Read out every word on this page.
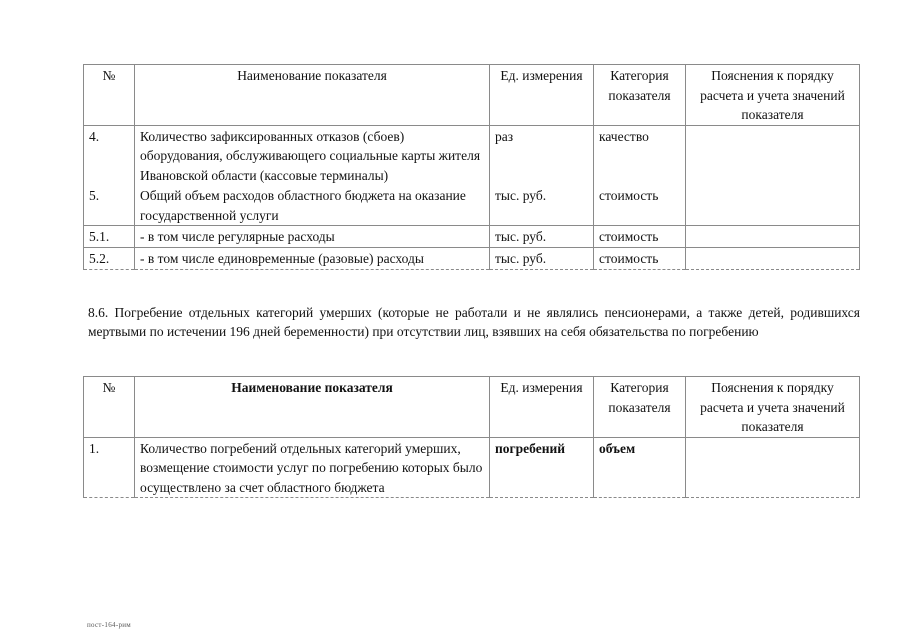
№	Наименование показателя	Ед. измерения	Категория показателя	Пояснения к порядку расчета и учета значений показателя
4.	Количество зафиксированных отказов (сбоев) оборудования, обслуживающего социальные карты жителя Ивановской области (кассовые терминалы)	раз	качество	
5.	Общий объем расходов областного бюджета на оказание государственной услуги	тыс. руб.	стоимость	
5.1.	- в том числе регулярные расходы	тыс. руб.	стоимость	
5.2.	- в том числе единовременные (разовые) расходы	тыс. руб.	стоимость	

8.6. Погребение отдельных категорий умерших (которые не работали и не являлись пенсионерами, а также детей, родившихся мертвыми по истечении 196 дней беременности) при отсутствии лиц, взявших на себя обязательства по погребению

№	Наименование показателя	Ед. измерения	Категория показателя	Пояснения к порядку расчета и учета значений показателя
1.	Количество погребений отдельных категорий умерших, возмещение стоимости услуг по погребению которых было осуществлено за счет областного бюджета	погребений	объем	
пост-164-рим
